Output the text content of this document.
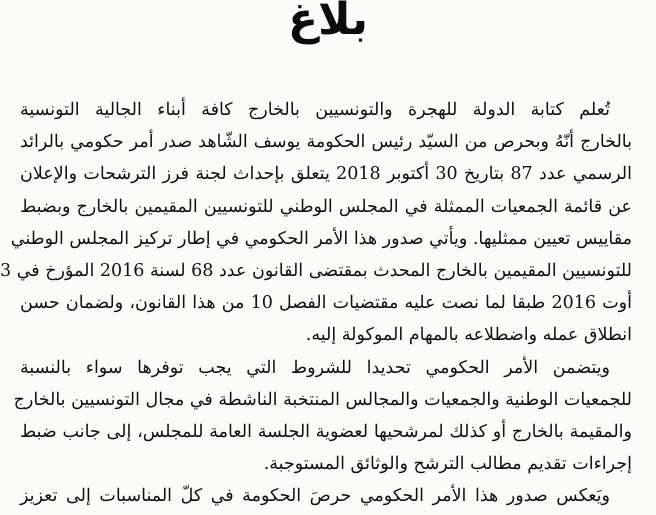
بلاغ
تُعلم كتابة الدولة للهجرة والتونسيين بالخارج كافة أبناء الجالية التونسية
بالخارج أنّهُ وبحرص من السيّد رئيس الحكومة يوسف الشّاهد صدر أمر حكومي بالرائد
الرسمي عدد 87 بتاريخ 30 أكتوبر 2018 يتعلق بإحداث لجنة فرز الترشحات والإعلان
عن قائمة الجمعيات الممثلة في المجلس الوطني للتونسيين المقيمين بالخارج وبضبط
مقاييس تعيين ممثليها. ويأتي صدور هذا الأمر الحكومي في إطار تركيز المجلس الوطني
للتونسيين المقيمين بالخارج المحدث بمقتضى القانون عدد 68 لسنة 2016 المؤرخ في 3
أوت 2016 طبقا لما نصت عليه مقتضيات الفصل 10 من هذا القانون، ولضمان حسن
انطلاق عمله واضطلاعه بالمهام الموكولة إليه.
ويتضمن الأمر الحكومي تحديدا للشروط التي يجب توفرها سواء بالنسبة
للجمعيات الوطنية والجمعيات والمجالس المنتخبة الناشطة في مجال التونسيين بالخارج
والمقيمة بالخارج أو كذلك لمرشحيها لعضوية الجلسة العامة للمجلس، إلى جانب ضبط
إجراءات تقديم مطالب الترشح والوثائق المستوجبة.
ويَعكس صدور هذا الأمر الحكومي حرصَ الحكومة في كلّ المناسبات إلى تعزيز
